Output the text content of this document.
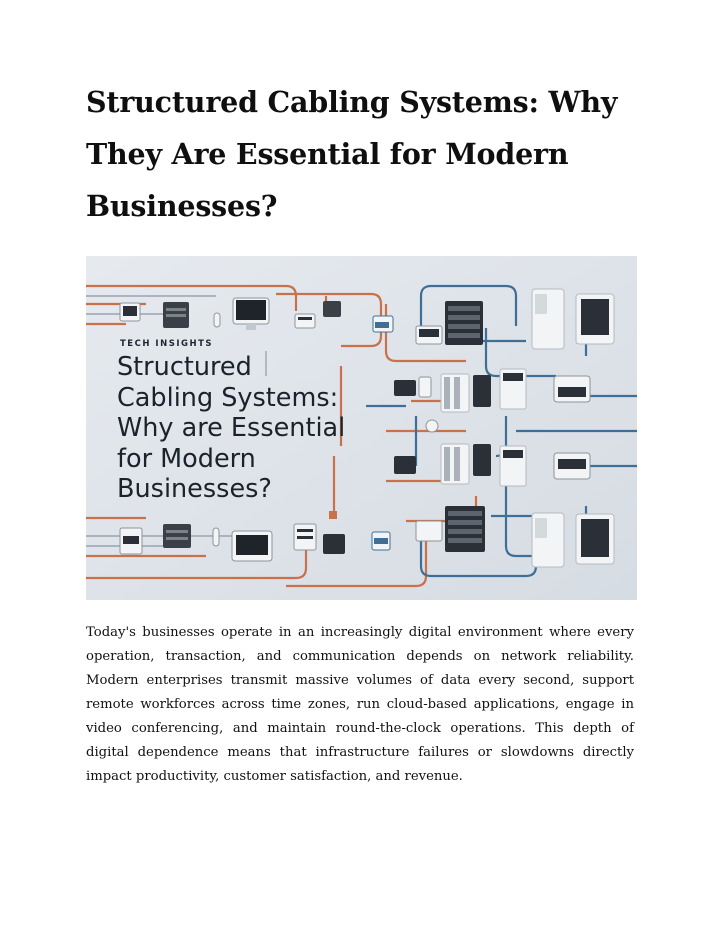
Structured Cabling Systems: Why They Are Essential for Modern Businesses?
TECH INSIGHTS
Structured
Cabling Systems:
Why are Essential
for Modern
Businesses?

Today's businesses operate in an increasingly digital environment where every operation, transaction, and communication depends on network reliability. Modern enterprises transmit massive volumes of data every second, support remote workforces across time zones, run cloud-based applications, engage in video conferencing, and maintain round-the-clock operations. This depth of digital dependence means that infrastructure failures or slowdowns directly impact productivity, customer satisfaction, and revenue.
